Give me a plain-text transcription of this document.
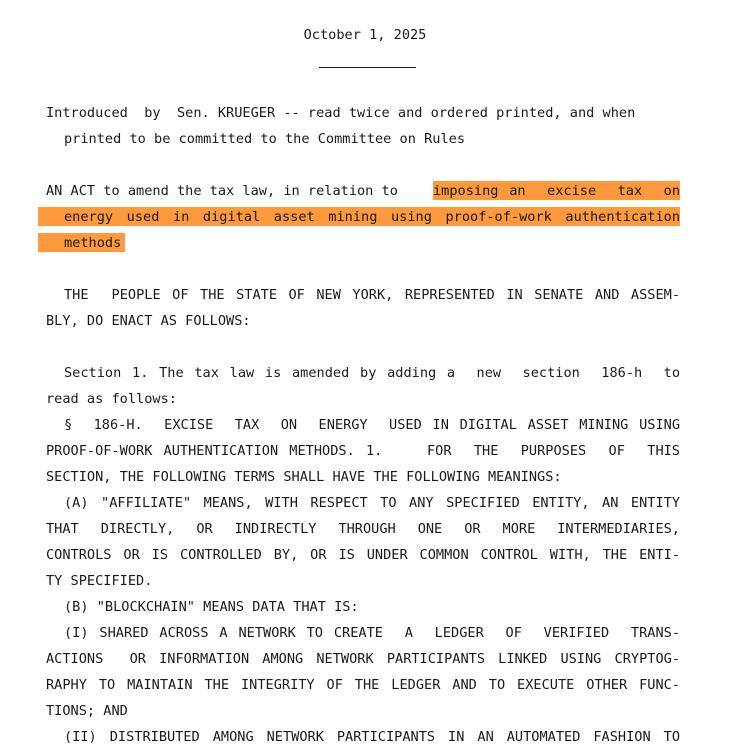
October 1, 2025
Introduced  by  Sen. KRUEGER -- read twice and ordered printed, and when
printed to be committed to the Committee on Rules
AN ACT to amend the tax law, in relation to imposing an  excise  tax  on
energy used in digital asset mining using proof-of-work authentication
methods
THE  PEOPLE OF THE STATE OF NEW YORK, REPRESENTED IN SENATE AND ASSEM-
BLY, DO ENACT AS FOLLOWS:
Section 1. The tax law is amended by adding a  new  section  186-h  to
read as follows:
§  186-H.  EXCISE  TAX  ON  ENERGY  USED IN DIGITAL ASSET MINING USING
PROOF-OF-WORK AUTHENTICATION METHODS. 1.    FOR  THE  PURPOSES  OF  THIS
SECTION, THE FOLLOWING TERMS SHALL HAVE THE FOLLOWING MEANINGS:
(A) "AFFILIATE" MEANS, WITH RESPECT TO ANY SPECIFIED ENTITY, AN ENTITY
THAT  DIRECTLY,  OR  INDIRECTLY  THROUGH  ONE  OR  MORE  INTERMEDIARIES,
CONTROLS OR IS CONTROLLED BY, OR IS UNDER COMMON CONTROL WITH, THE ENTI-
TY SPECIFIED.
(B) "BLOCKCHAIN" MEANS DATA THAT IS:
(I) SHARED ACROSS A NETWORK TO CREATE  A  LEDGER  OF  VERIFIED  TRANS-
ACTIONS  OR INFORMATION AMONG NETWORK PARTICIPANTS LINKED USING CRYPTOG-
RAPHY TO MAINTAIN THE INTEGRITY OF THE LEDGER AND TO EXECUTE OTHER FUNC-
TIONS; AND
(II) DISTRIBUTED AMONG NETWORK PARTICIPANTS IN AN AUTOMATED FASHION TO
